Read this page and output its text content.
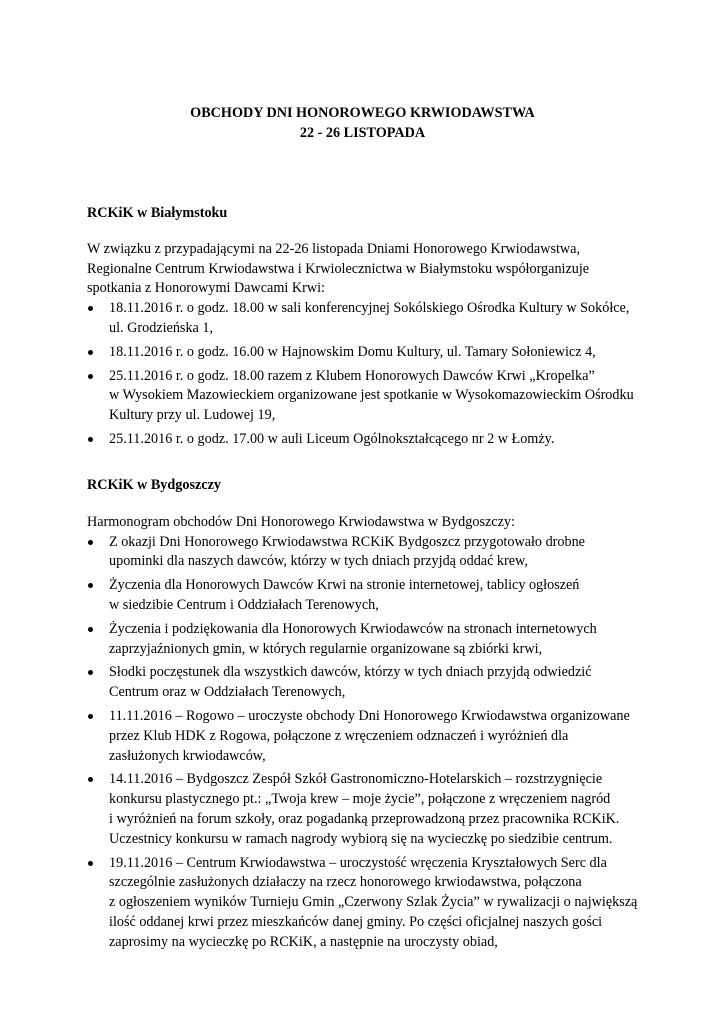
OBCHODY DNI HONOROWEGO KRWIODAWSTWA
22 - 26 LISTOPADA
RCKiK w Białymstoku

W związku z przypadającymi na 22-26 listopada Dniami Honorowego Krwiodawstwa,

Regionalne Centrum Krwiodawstwa i Krwiolecznictwa w Białymstoku współorganizuje

spotkania z Honorowymi Dawcami Krwi:

18.11.2016 r. o godz. 18.00 w sali konferencyjnej Sokólskiego Ośrodka Kultury w Sokółce,
ul. Grodzieńska 1,
18.11.2016 r. o godz. 16.00 w Hajnowskim Domu Kultury, ul. Tamary Sołoniewicz 4,
25.11.2016 r. o godz. 18.00 razem z Klubem Honorowych Dawców Krwi „Kropelka”
w Wysokiem Mazowieckiem organizowane jest spotkanie w Wysokomazowieckim Ośrodku
Kultury przy ul. Ludowej 19,
25.11.2016 r. o godz. 17.00 w auli Liceum Ogólnokształcącego nr 2 w Łomży.
RCKiK w Bydgoszczy

Harmonogram obchodów Dni Honorowego Krwiodawstwa w Bydgoszczy:

Z okazji Dni Honorowego Krwiodawstwa RCKiK Bydgoszcz przygotowało drobne
upominki dla naszych dawców, którzy w tych dniach przyjdą oddać krew,
Życzenia dla Honorowych Dawców Krwi na stronie internetowej, tablicy ogłoszeń
w siedzibie Centrum i Oddziałach Terenowych,
Życzenia i podziękowania dla Honorowych Krwiodawców na stronach internetowych
zaprzyjaźnionych gmin, w których regularnie organizowane są zbiórki krwi,
Słodki poczęstunek dla wszystkich dawców, którzy w tych dniach przyjdą odwiedzić
Centrum oraz w Oddziałach Terenowych,
11.11.2016 – Rogowo – uroczyste obchody Dni Honorowego Krwiodawstwa organizowane
przez Klub HDK z Rogowa, połączone z wręczeniem odznaczeń i wyróżnień dla
zasłużonych krwiodawców,
14.11.2016 – Bydgoszcz Zespół Szkół Gastronomiczno-Hotelarskich – rozstrzygnięcie
konkursu plastycznego pt.: „Twoja krew – moje życie”, połączone z wręczeniem nagród
i wyróżnień na forum szkoły, oraz pogadanką przeprowadzoną przez pracownika RCKiK.
Uczestnicy konkursu w ramach nagrody wybiorą się na wycieczkę po siedzibie centrum.
19.11.2016 – Centrum Krwiodawstwa – uroczystość wręczenia Kryształowych Serc dla
szczególnie zasłużonych działaczy na rzecz honorowego krwiodawstwa, połączona
z ogłoszeniem wyników Turnieju Gmin „Czerwony Szlak Życia” w rywalizacji o największą
ilość oddanej krwi przez mieszkańców danej gminy. Po części oficjalnej naszych gości
zaprosimy na wycieczkę po RCKiK, a następnie na uroczysty obiad,
